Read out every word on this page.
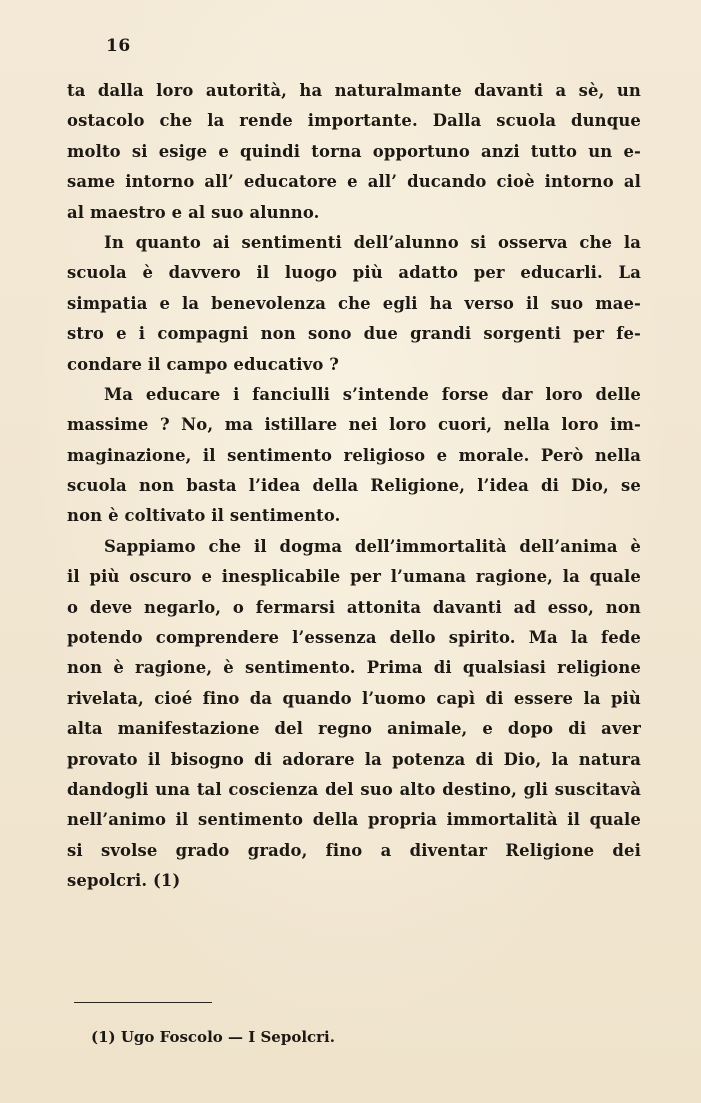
16
ta dalla loro autorità, ha naturalmante davanti a sè, un
ostacolo che la rende importante. Dalla scuola dunque
molto si esige e quindi torna opportuno anzi tutto un e-
same intorno all’ educatore e all’ ducando cioè intorno al
al maestro e al suo alunno.
In quanto ai sentimenti dell’alunno si osserva che la
scuola è davvero il luogo più adatto per educarli. La
simpatia e la benevolenza che egli ha verso il suo mae-
stro e i compagni non sono due grandi sorgenti per fe-
condare il campo educativo ?
Ma educare i fanciulli s’intende forse dar loro delle
massime ? No, ma istillare nei loro cuori, nella loro im-
maginazione, il sentimento religioso e morale. Però nella
scuola non basta l’idea della Religione, l’idea di Dio, se
non è coltivato il sentimento.
Sappiamo che il dogma dell’immortalità dell’anima è
il più oscuro e inesplicabile per l’umana ragione, la quale
o deve negarlo, o fermarsi attonita davanti ad esso, non
potendo comprendere l’essenza dello spirito. Ma la fede
non è ragione, è sentimento. Prima di qualsiasi religione
rivelata, cioé fino da quando l’uomo capì di essere la più
alta manifestazione del regno animale, e dopo di aver
provato il bisogno di adorare la potenza di Dio, la natura
dandogli una tal coscienza del suo alto destino, gli suscitavà
nell’animo il sentimento della propria immortalità il quale
si svolse grado grado, fino a diventar Religione dei
sepolcri. (1)
(1) Ugo Foscolo — I Sepolcri.
